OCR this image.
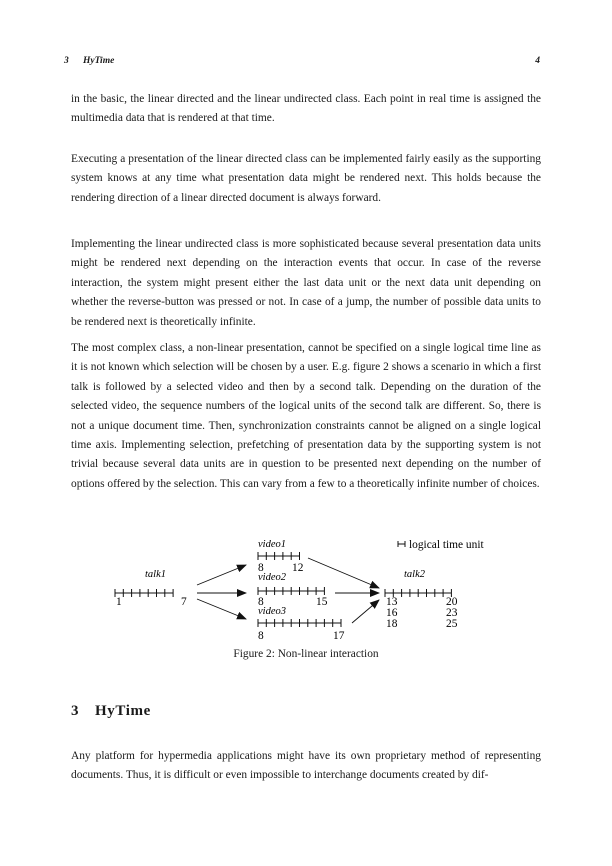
3 HyTime	4

in the basic, the linear directed and the linear undirected class. Each point in real time is assigned the multimedia data that is rendered at that time.

Executing a presentation of the linear directed class can be implemented fairly easily as the supporting system knows at any time what presentation data might be rendered next. This holds because the rendering direction of a linear directed document is always forward.

Implementing the linear undirected class is more sophisticated because several presentation data units might be rendered next depending on the interaction events that occur. In case of the reverse interaction, the system might present either the last data unit or the next data unit depending on whether the reverse-button was pressed or not. In case of a jump, the number of possible data units to be rendered next is theoretically infinite.

The most complex class, a non-linear presentation, cannot be specified on a single logical time line as it is not known which selection will be chosen by a user. E.g. figure 2 shows a scenario in which a first talk is followed by a selected video and then by a second talk. Depending on the duration of the selected video, the sequence numbers of the logical units of the second talk are different. So, there is not a unique document time. Then, synchronization constraints cannot be aligned on a single logical time axis. Implementing selection, prefetching of presentation data by the supporting system is not trivial because several data units are in question to be presented next depending on the number of options offered by the selection. This can vary from a few to a theoretically infinite number of choices.

logical time unit
talk1
video1
video2
video3
talk2
1	7
8 12
8	15
8	17
13
16
18
20
23
25
Figure 2: Non-linear interaction
3 HyTime

Any platform for hypermedia applications might have its own proprietary method of representing documents. Thus, it is difficult or even impossible to interchange documents created by dif-
